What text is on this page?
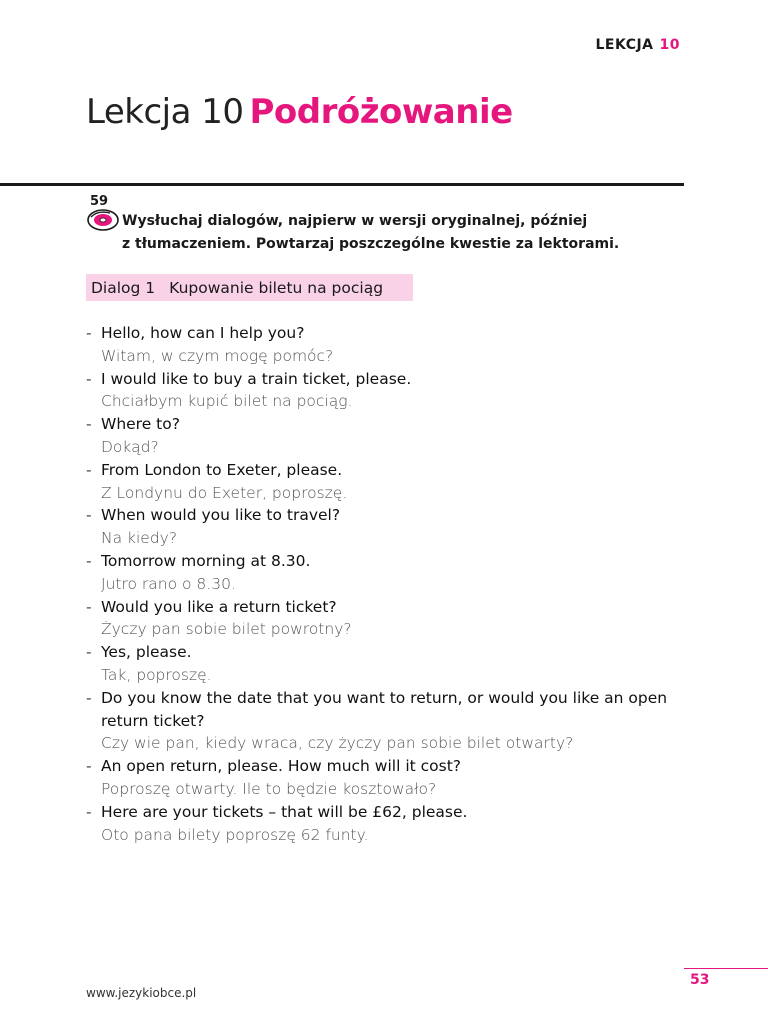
LEKCJA 10
Lekcja 10 Podróżowanie
59
Wysłuchaj dialogów, najpierw w wersji oryginalnej, później
z tłumaczeniem. Powtarzaj poszczególne kwestie za lektorami.
Dialog 1 Kupowanie biletu na pociąg
- Hello, how can I help you?
Witam, w czym mogę pomóc?
- I would like to buy a train ticket, please.
Chciałbym kupić bilet na pociąg.
- Where to?
Dokąd?
- From London to Exeter, please.
Z Londynu do Exeter, poproszę.
- When would you like to travel?
Na kiedy?
- Tomorrow morning at 8.30.
Jutro rano o 8.30.
- Would you like a return ticket?
Życzy pan sobie bilet powrotny?
- Yes, please.
Tak, poproszę.
- Do you know the date that you want to return, or would you like an open return ticket?
Czy wie pan, kiedy wraca, czy życzy pan sobie bilet otwarty?
- An open return, please. How much will it cost?
Poproszę otwarty. Ile to będzie kosztowało?
- Here are your tickets – that will be £62, please.
Oto pana bilety poproszę 62 funty.
www.jezykiobce.pl
53
